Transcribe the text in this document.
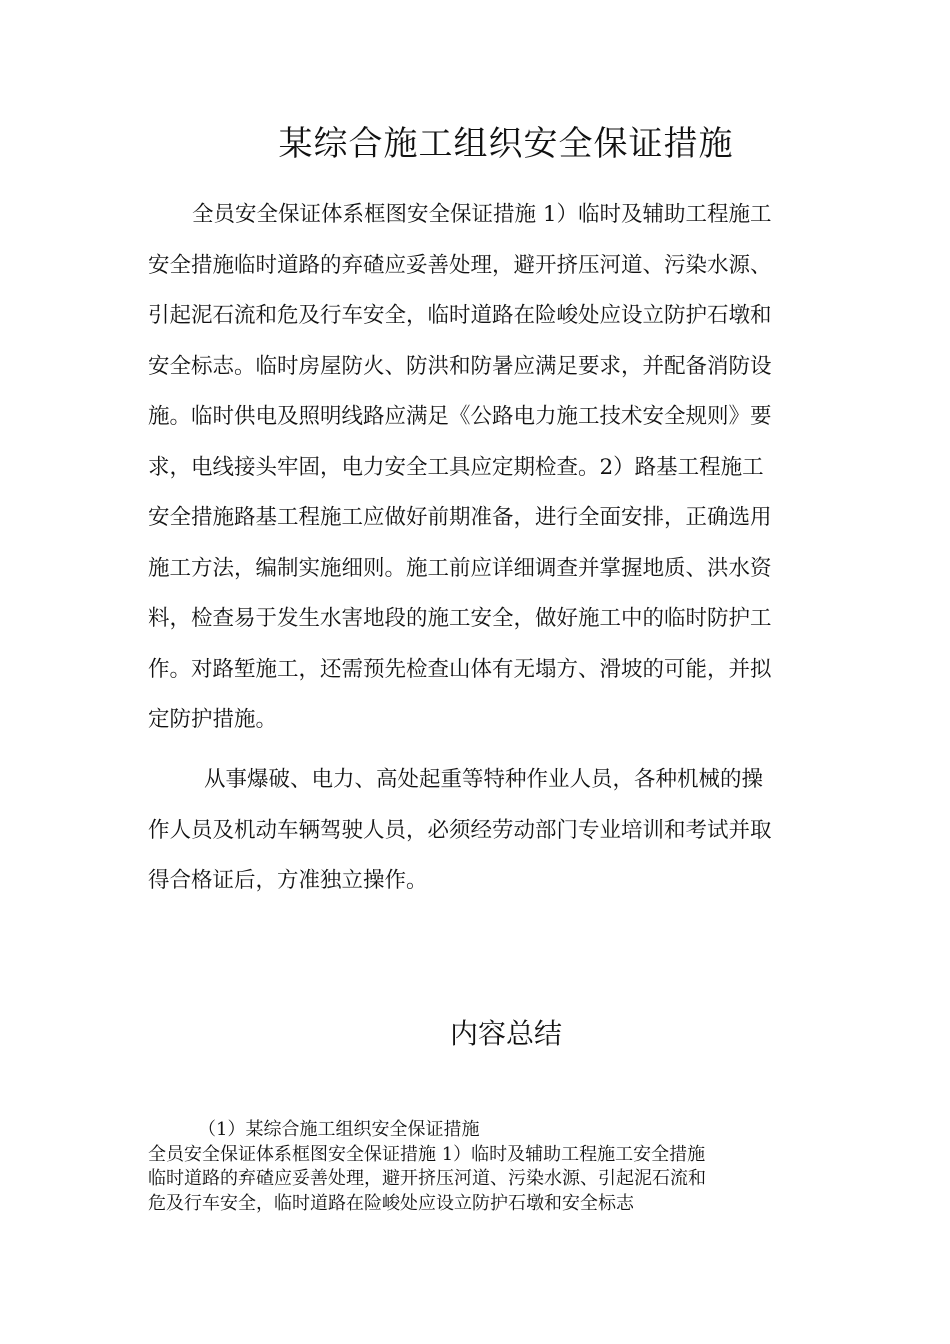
某综合施工组织安全保证措施
全员安全保证体系框图安全保证措施 1）临时及辅助工程施工
安全措施临时道路的弃碴应妥善处理，避开挤压河道、污染水源、
引起泥石流和危及行车安全，临时道路在险峻处应设立防护石墩和
安全标志。临时房屋防火、防洪和防暑应满足要求，并配备消防设
施。临时供电及照明线路应满足《公路电力施工技术安全规则》要
求，电线接头牢固，电力安全工具应定期检查。2）路基工程施工
安全措施路基工程施工应做好前期准备，进行全面安排，正确选用
施工方法，编制实施细则。施工前应详细调查并掌握地质、洪水资
料，检查易于发生水害地段的施工安全，做好施工中的临时防护工
作。对路堑施工，还需预先检查山体有无塌方、滑坡的可能，并拟
定防护措施。
从事爆破、电力、高处起重等特种作业人员，各种机械的操
作人员及机动车辆驾驶人员，必须经劳动部门专业培训和考试并取
得合格证后，方准独立操作。
内容总结
（1）某综合施工组织安全保证措施
全员安全保证体系框图安全保证措施 1）临时及辅助工程施工安全措施
临时道路的弃碴应妥善处理，避开挤压河道、污染水源、引起泥石流和
危及行车安全，临时道路在险峻处应设立防护石墩和安全标志
